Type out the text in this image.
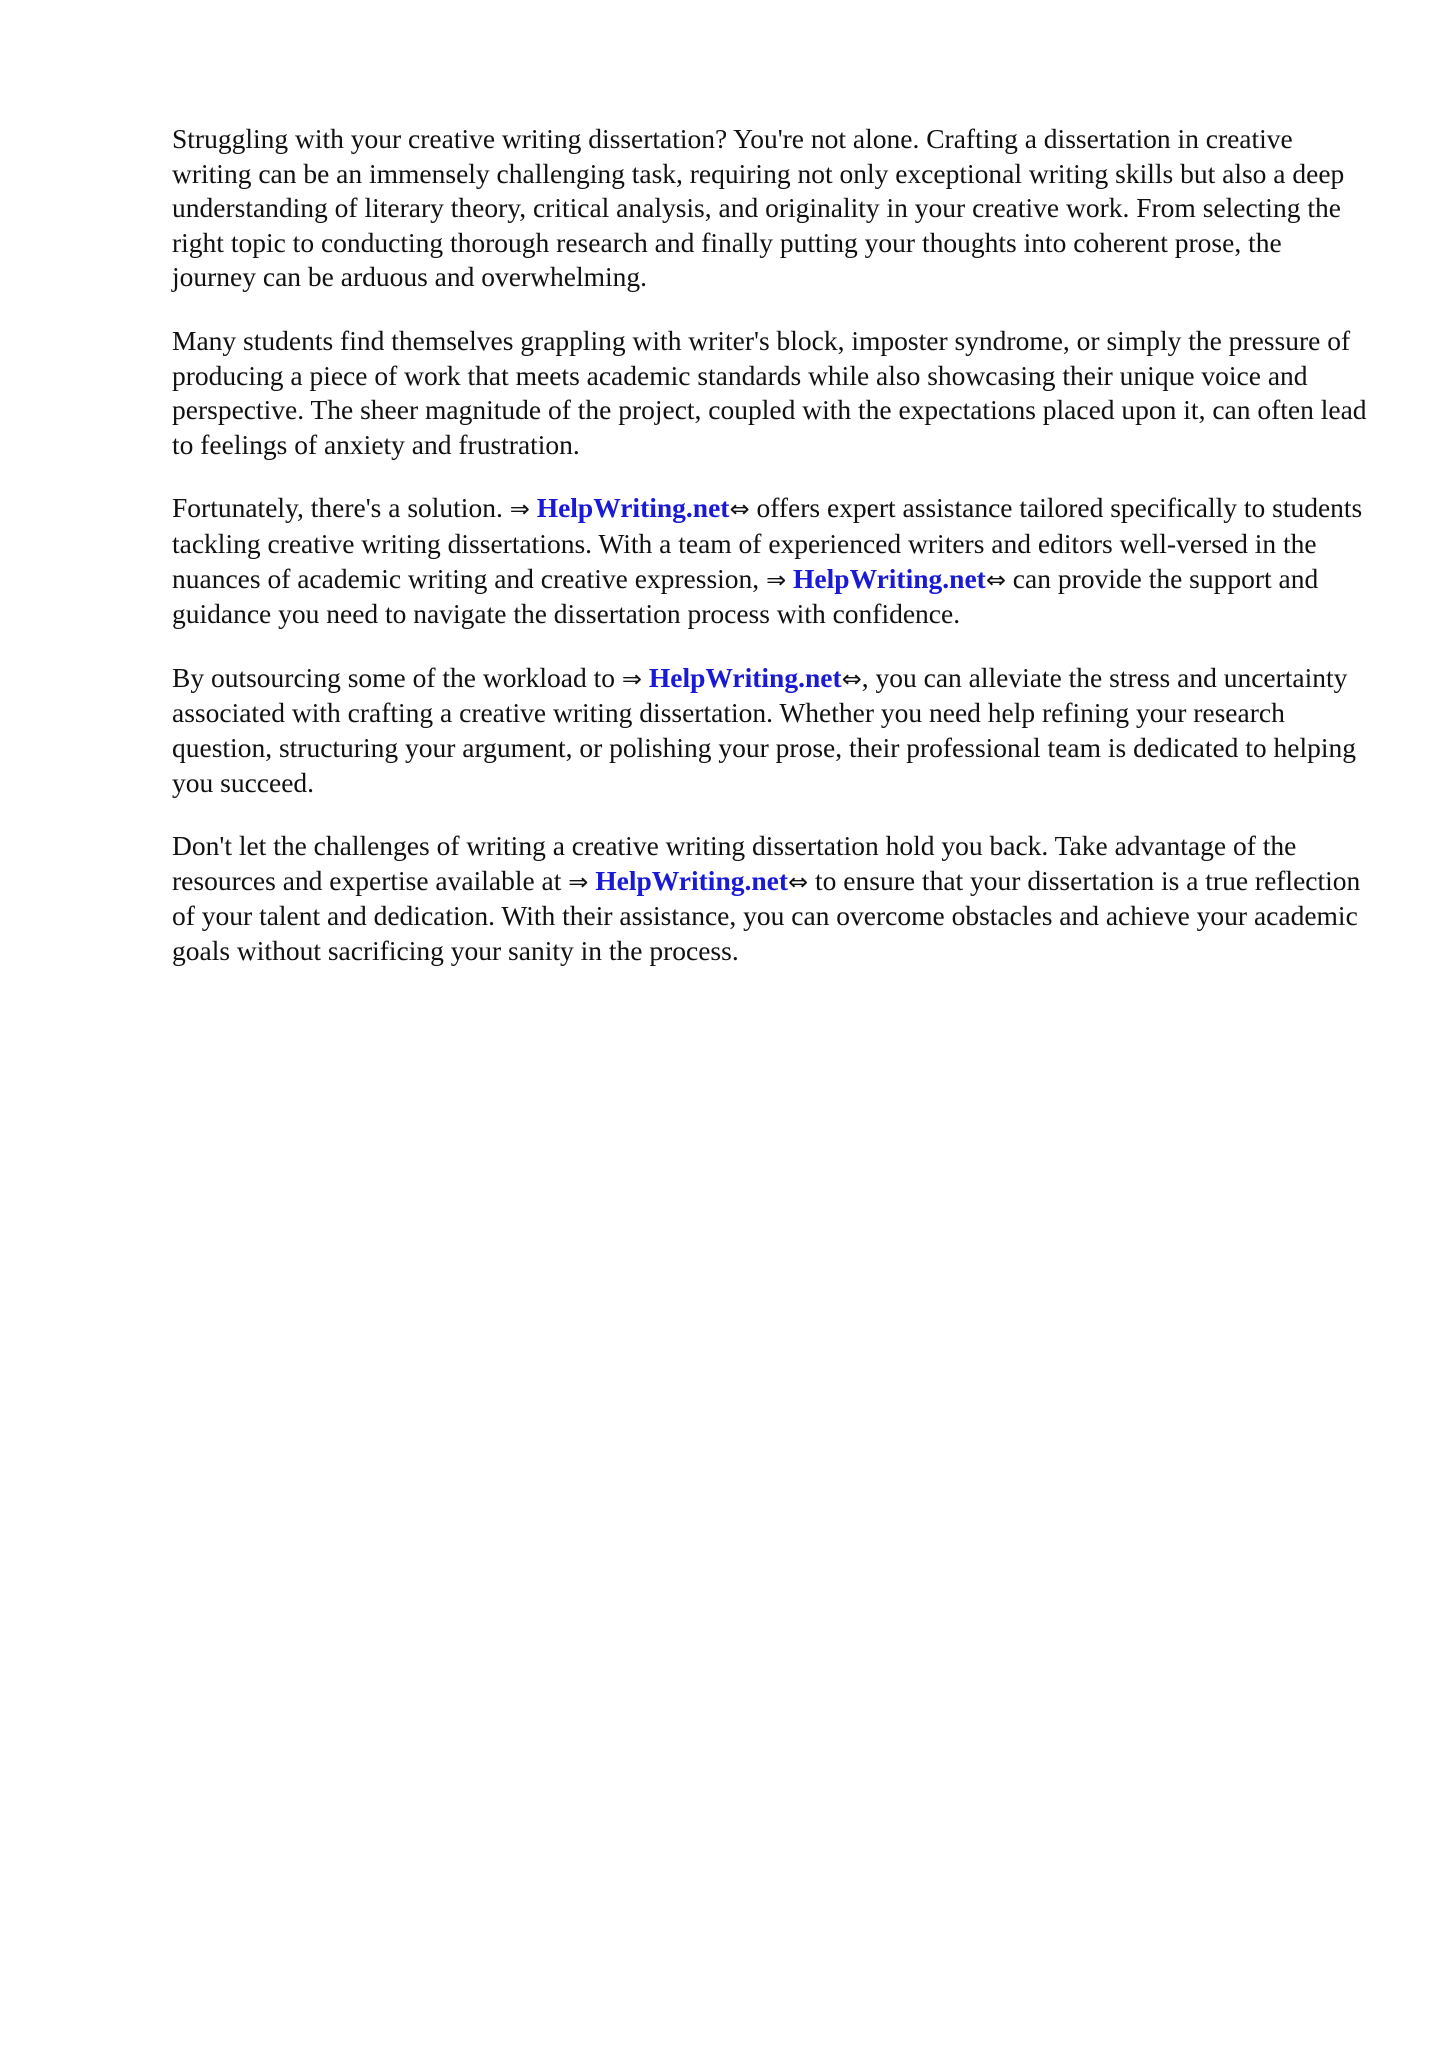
Struggling with your creative writing dissertation? You're not alone. Crafting a dissertation in creative writing can be an immensely challenging task, requiring not only exceptional writing skills but also a deep understanding of literary theory, critical analysis, and originality in your creative work. From selecting the right topic to conducting thorough research and finally putting your thoughts into coherent prose, the journey can be arduous and overwhelming.

Many students find themselves grappling with writer's block, imposter syndrome, or simply the pressure of producing a piece of work that meets academic standards while also showcasing their unique voice and perspective. The sheer magnitude of the project, coupled with the expectations placed upon it, can often lead to feelings of anxiety and frustration.

Fortunately, there's a solution. ⇒ HelpWriting.net⇔ offers expert assistance tailored specifically to students tackling creative writing dissertations. With a team of experienced writers and editors well-versed in the nuances of academic writing and creative expression, ⇒ HelpWriting.net⇔ can provide the support and guidance you need to navigate the dissertation process with confidence.

By outsourcing some of the workload to ⇒ HelpWriting.net⇔, you can alleviate the stress and uncertainty associated with crafting a creative writing dissertation. Whether you need help refining your research question, structuring your argument, or polishing your prose, their professional team is dedicated to helping you succeed.

Don't let the challenges of writing a creative writing dissertation hold you back. Take advantage of the resources and expertise available at ⇒ HelpWriting.net⇔ to ensure that your dissertation is a true reflection of your talent and dedication. With their assistance, you can overcome obstacles and achieve your academic goals without sacrificing your sanity in the process.
